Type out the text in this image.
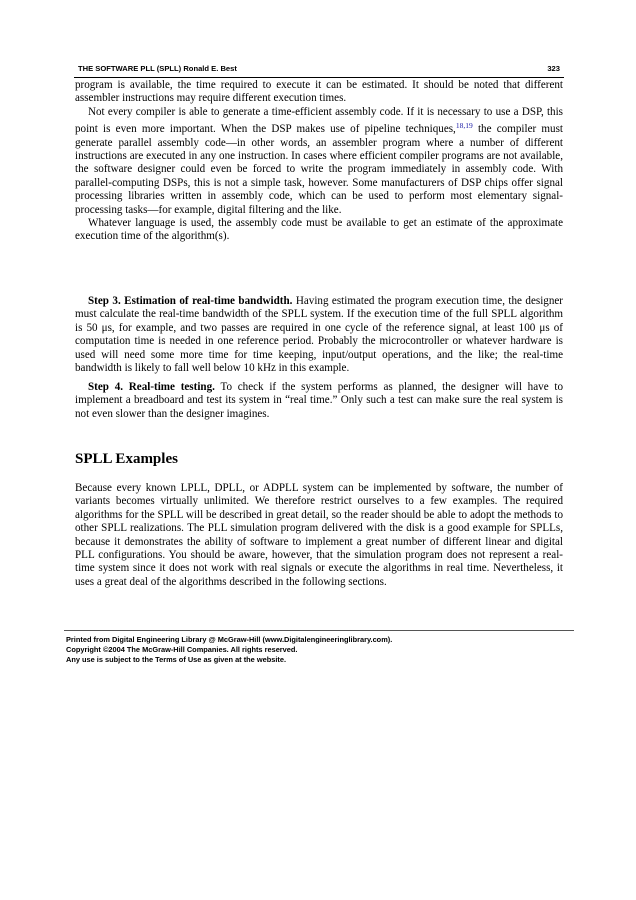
THE SOFTWARE PLL (SPLL) Ronald E. Best	323

program is available, the time required to execute it can be estimated. It should be noted that different assembler instructions may require different execution times.

Not every compiler is able to generate a time-efficient assembly code. If it is necessary to use a DSP, this point is even more important. When the DSP makes use of pipeline techniques,$^{18,19}$ the compiler must generate parallel assembly code—in other words, an assembler program where a number of different instructions are executed in any one instruction. In cases where efficient compiler programs are not available, the software designer could even be forced to write the program immediately in assembly code. With parallel-computing DSPs, this is not a simple task, however. Some manufacturers of DSP chips offer signal processing libraries written in assembly code, which can be used to perform most elementary signal-processing tasks—for example, digital filtering and the like.

Whatever language is used, the assembly code must be available to get an estimate of the approximate execution time of the algorithm(s).

Step 3. Estimation of real-time bandwidth. Having estimated the program execution time, the designer must calculate the real-time bandwidth of the SPLL system. If the execution time of the full SPLL algorithm is 50 μs, for example, and two passes are required in one cycle of the reference signal, at least 100 μs of computation time is needed in one reference period. Probably the microcontroller or whatever hardware is used will need some more time for time keeping, input/output operations, and the like; the real-time bandwidth is likely to fall well below 10 kHz in this example.

Step 4. Real-time testing. To check if the system performs as planned, the designer will have to implement a breadboard and test its system in “real time.” Only such a test can make sure the real system is not even slower than the designer imagines.

SPLL Examples

Because every known LPLL, DPLL, or ADPLL system can be implemented by software, the number of variants becomes virtually unlimited. We therefore restrict ourselves to a few examples. The required algorithms for the SPLL will be described in great detail, so the reader should be able to adopt the methods to other SPLL realizations. The PLL simulation program delivered with the disk is a good example for SPLLs, because it demonstrates the ability of software to implement a great number of different linear and digital PLL configurations. You should be aware, however, that the simulation program does not represent a real-time system since it does not work with real signals or execute the algorithms in real time. Nevertheless, it uses a great deal of the algorithms described in the following sections.

Printed from Digital Engineering Library @ McGraw-Hill (www.Digitalengineeringlibrary.com).
Copyright ©2004 The McGraw-Hill Companies. All rights reserved.
Any use is subject to the Terms of Use as given at the website.
